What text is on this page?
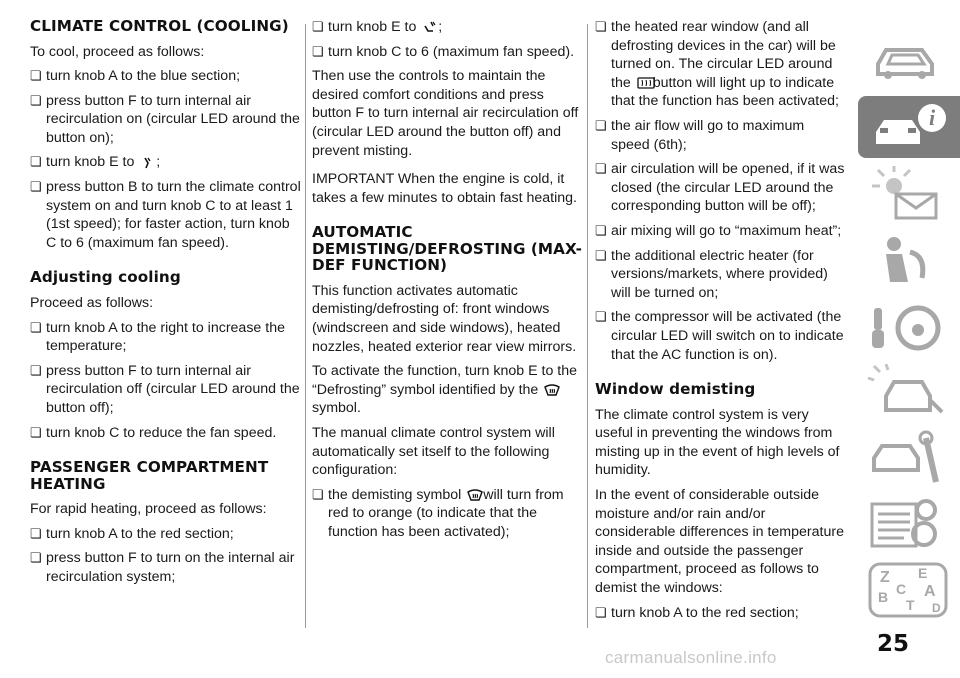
CLIMATE CONTROL (COOLING)

To cool, proceed as follows:

❏ turn knob A to the blue section;
❏ press button F to turn internal air recirculation on (circular LED around the button on);
❏ turn knob E to ;
❏ press button B to turn the climate control system on and turn knob C to at least 1 (1st speed); for faster action, turn knob C to 6 (maximum fan speed).
Adjusting cooling

Proceed as follows:

❏ turn knob A to the right to increase the temperature;
❏ press button F to turn internal air recirculation off (circular LED around the button off);
❏ turn knob C to reduce the fan speed.
PASSENGER COMPARTMENT HEATING

For rapid heating, proceed as follows:

❏ turn knob A to the red section;
❏ press button F to turn on the internal air recirculation system;
❏ turn knob E to ;
❏ turn knob C to 6 (maximum fan speed).

Then use the controls to maintain the desired comfort conditions and press button F to turn internal air recirculation off (circular LED around the button off) and prevent misting.

IMPORTANT When the engine is cold, it takes a few minutes to obtain fast heating.

AUTOMATIC DEMISTING/DEFROSTING (MAX-DEF FUNCTION)

This function activates automatic demisting/defrosting of: front windows (windscreen and side windows), heated nozzles, heated exterior rear view mirrors.

To activate the function, turn knob E to the “Defrosting” symbol identified by the
symbol.

The manual climate control system will automatically set itself to the following configuration:

❏ the demisting symbol will turn from red to orange (to indicate that the function has been activated);
❏ the heated rear window (and all defrosting devices in the car) will be turned on. The circular LED around the button will light up to indicate that the function has been activated;
❏ the air flow will go to maximum speed (6th);
❏ air circulation will be opened, if it was closed (the circular LED around the corresponding button will be off);
❏ air mixing will go to “maximum heat”;
❏ the additional electric heater (for versions/markets, where provided) will be turned on;
❏ the compressor will be activated (the circular LED will switch on to indicate that the AC function is on).
Window demisting

The climate control system is very useful in preventing the windows from misting up in the event of high levels of humidity.

In the event of considerable outside moisture and/or rain and/or considerable differences in temperature inside and outside the passenger compartment, proceed as follows to demist the windows:

❏ turn knob A to the red section;
i
Z E
A
B C
T D
25
carmanualsonline.info
